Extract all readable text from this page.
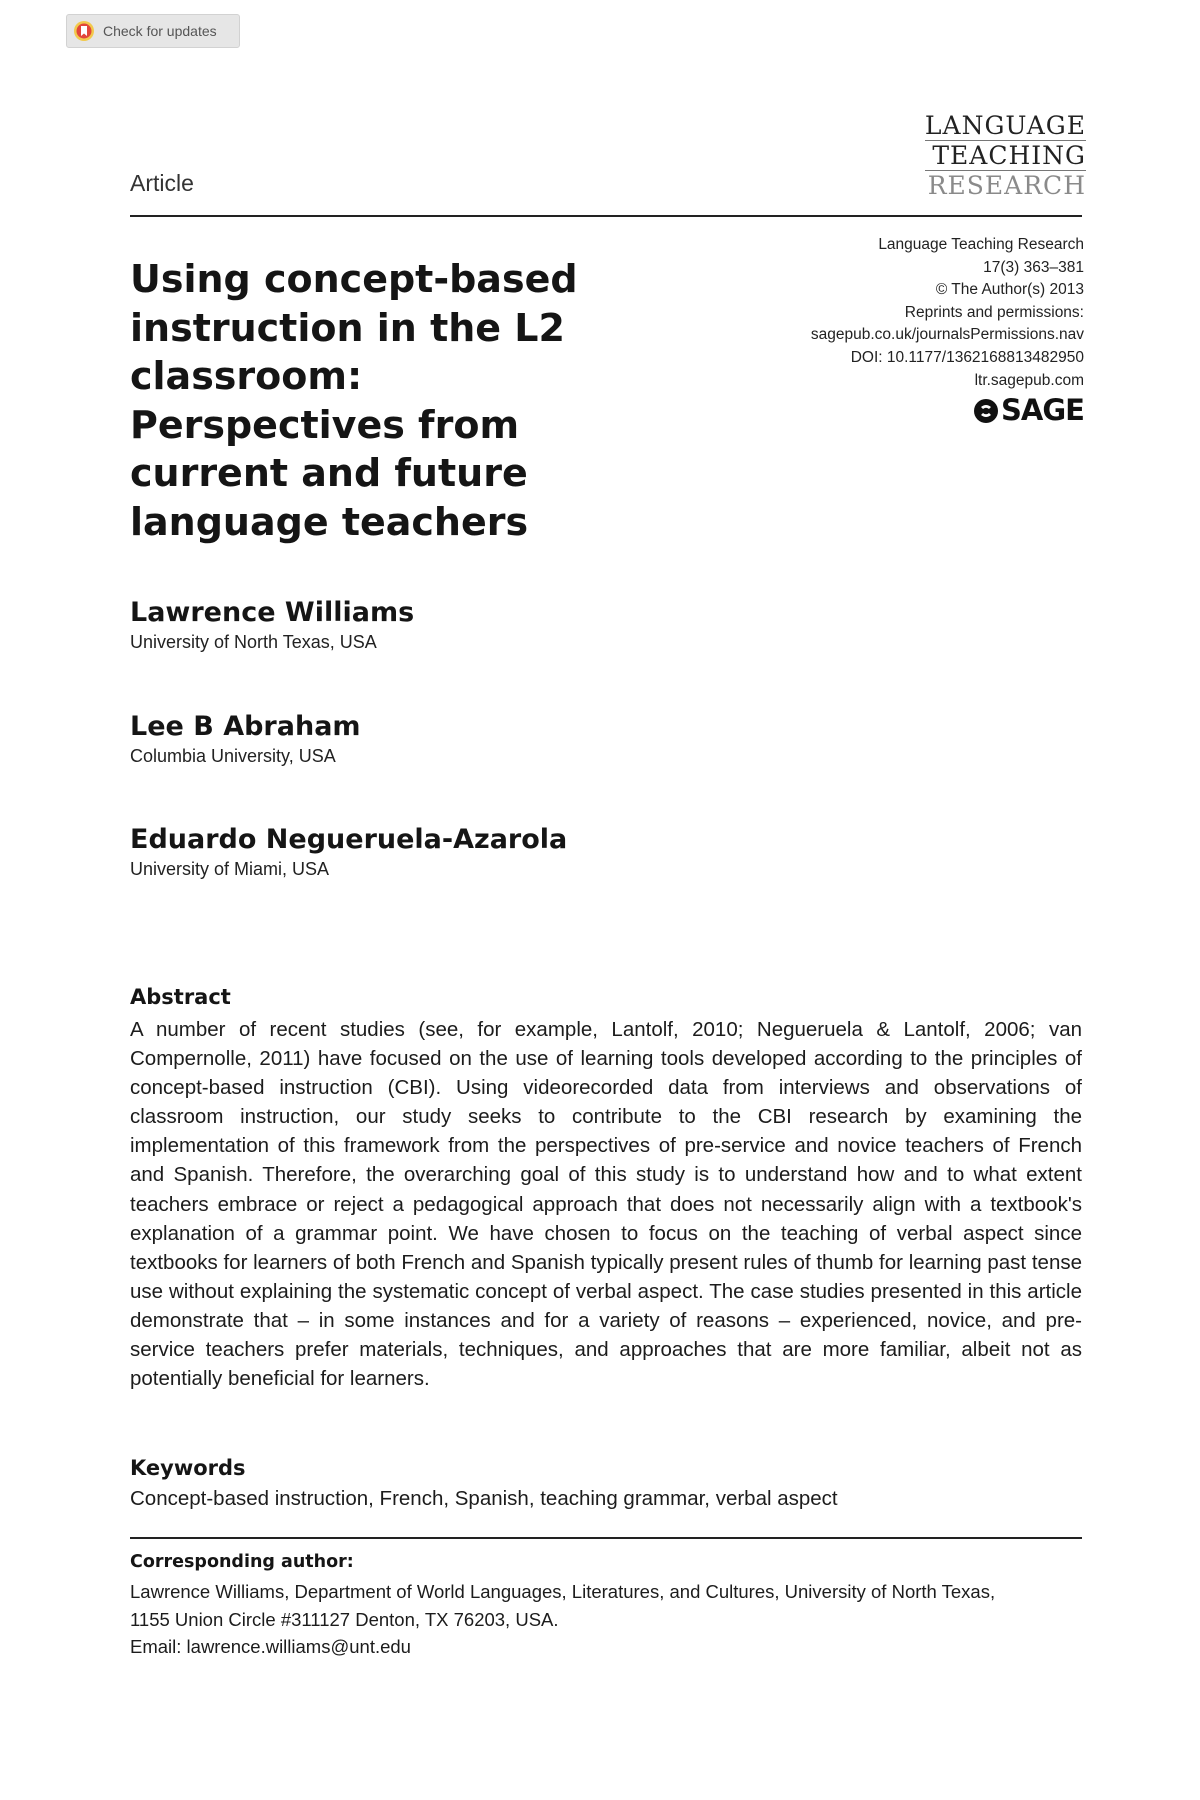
Check for updates
LANGUAGE
TEACHING
RESEARCH
Article
Language Teaching Research
17(3) 363–381
© The Author(s) 2013
Reprints and permissions:
sagepub.co.uk/journalsPermissions.nav
DOI: 10.1177/1362168813482950
ltr.sagepub.com
SAGE
Using concept-based instruction in the L2 classroom: Perspectives from current and future language teachers
Lawrence Williams
University of North Texas, USA
Lee B Abraham
Columbia University, USA
Eduardo Negueruela-Azarola
University of Miami, USA
Abstract

A number of recent studies (see, for example, Lantolf, 2010; Negueruela & Lantolf, 2006; van Compernolle, 2011) have focused on the use of learning tools developed according to the principles of concept-based instruction (CBI). Using videorecorded data from interviews and observations of classroom instruction, our study seeks to contribute to the CBI research by examining the implementation of this framework from the perspectives of pre-service and novice teachers of French and Spanish. Therefore, the overarching goal of this study is to understand how and to what extent teachers embrace or reject a pedagogical approach that does not necessarily align with a textbook's explanation of a grammar point. We have chosen to focus on the teaching of verbal aspect since textbooks for learners of both French and Spanish typically present rules of thumb for learning past tense use without explaining the systematic concept of verbal aspect. The case studies presented in this article demonstrate that – in some instances and for a variety of reasons – experienced, novice, and pre-service teachers prefer materials, techniques, and approaches that are more familiar, albeit not as potentially beneficial for learners.

Keywords

Concept-based instruction, French, Spanish, teaching grammar, verbal aspect

Corresponding author:
Lawrence Williams, Department of World Languages, Literatures, and Cultures, University of North Texas,
1155 Union Circle #311127 Denton, TX 76203, USA.
Email: lawrence.williams@unt.edu
